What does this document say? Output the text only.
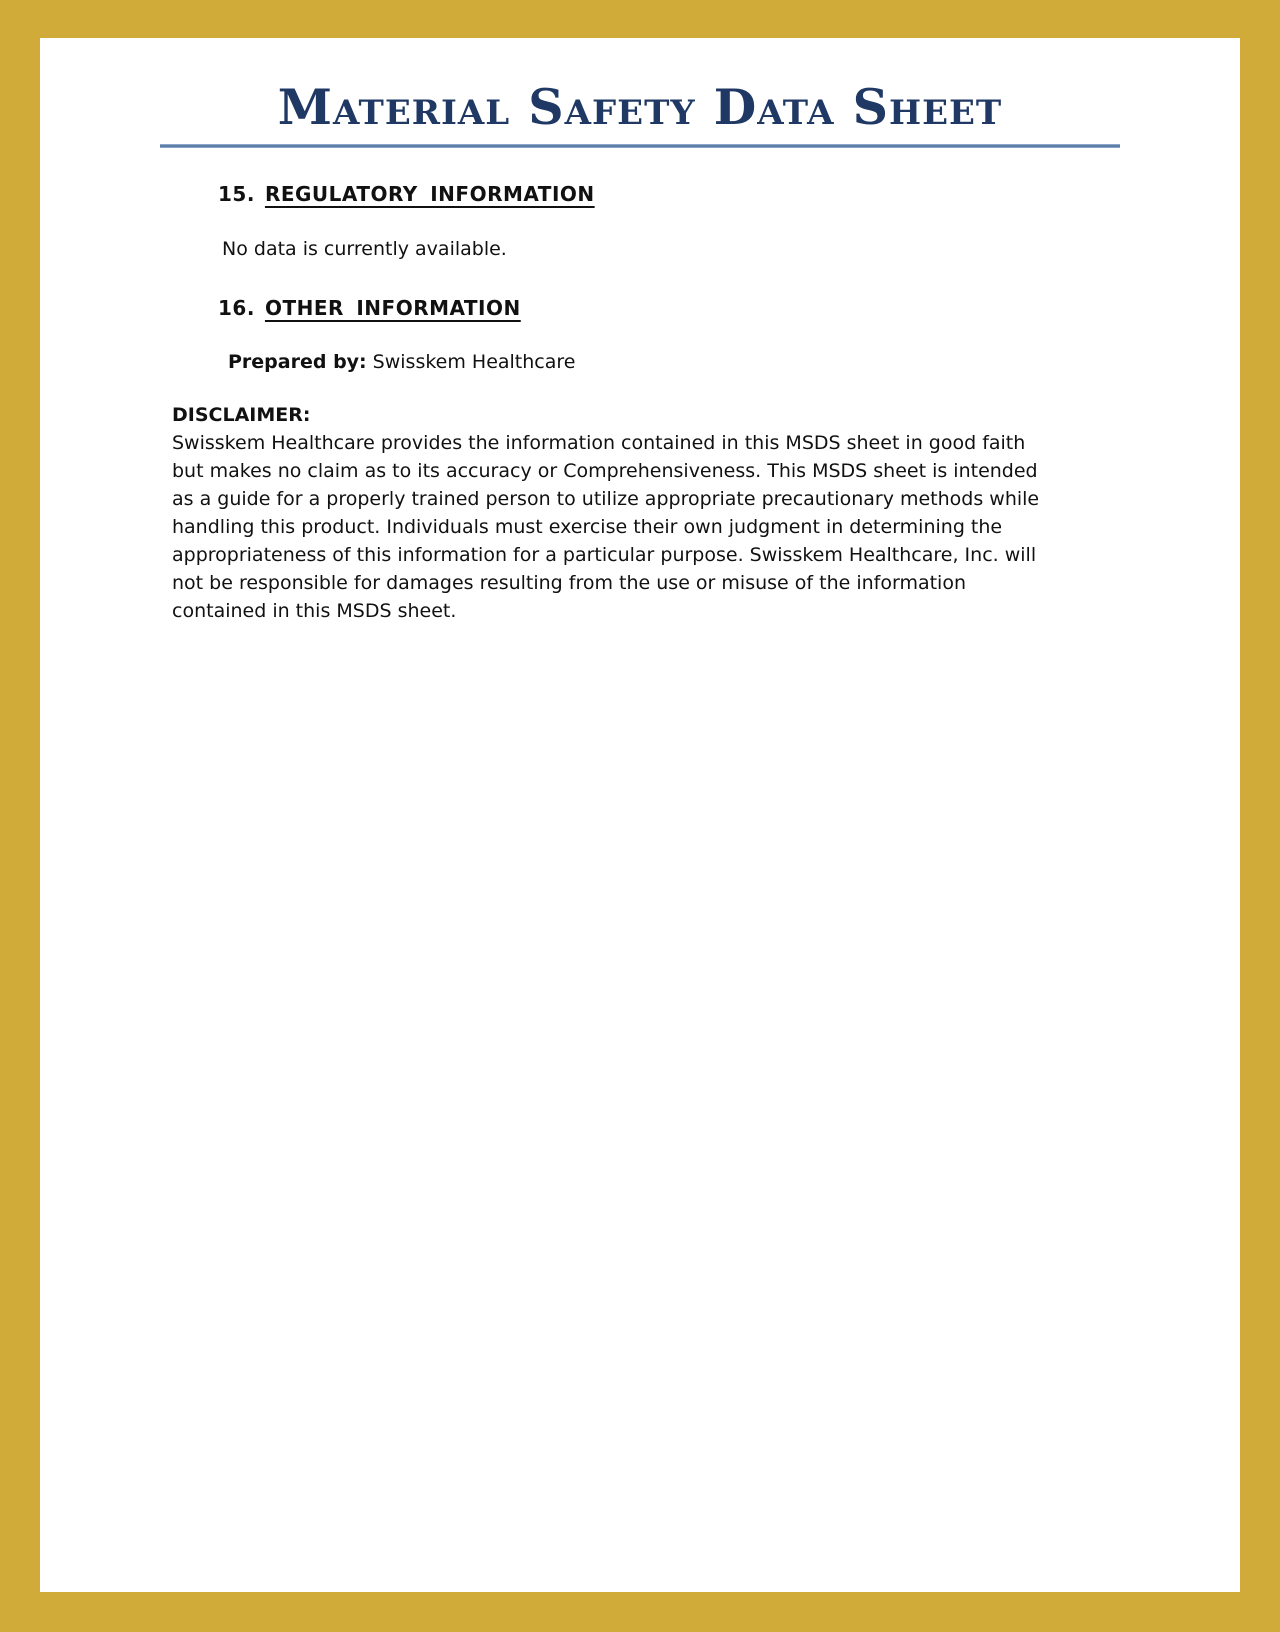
Material Safety Data Sheet
15. REGULATORY INFORMATION

No data is currently available.

16. OTHER INFORMATION

Prepared by: Swisskem Healthcare

DISCLAIMER:

Swisskem Healthcare provides the information contained in this MSDS sheet in good faith but makes no claim as to its accuracy or Comprehensiveness. This MSDS sheet is intended as a guide for a properly trained person to utilize appropriate precautionary methods while handling this product. Individuals must exercise their own judgment in determining the appropriateness of this information for a particular purpose. Swisskem Healthcare, Inc. will not be responsible for damages resulting from the use or misuse of the information contained in this MSDS sheet.
